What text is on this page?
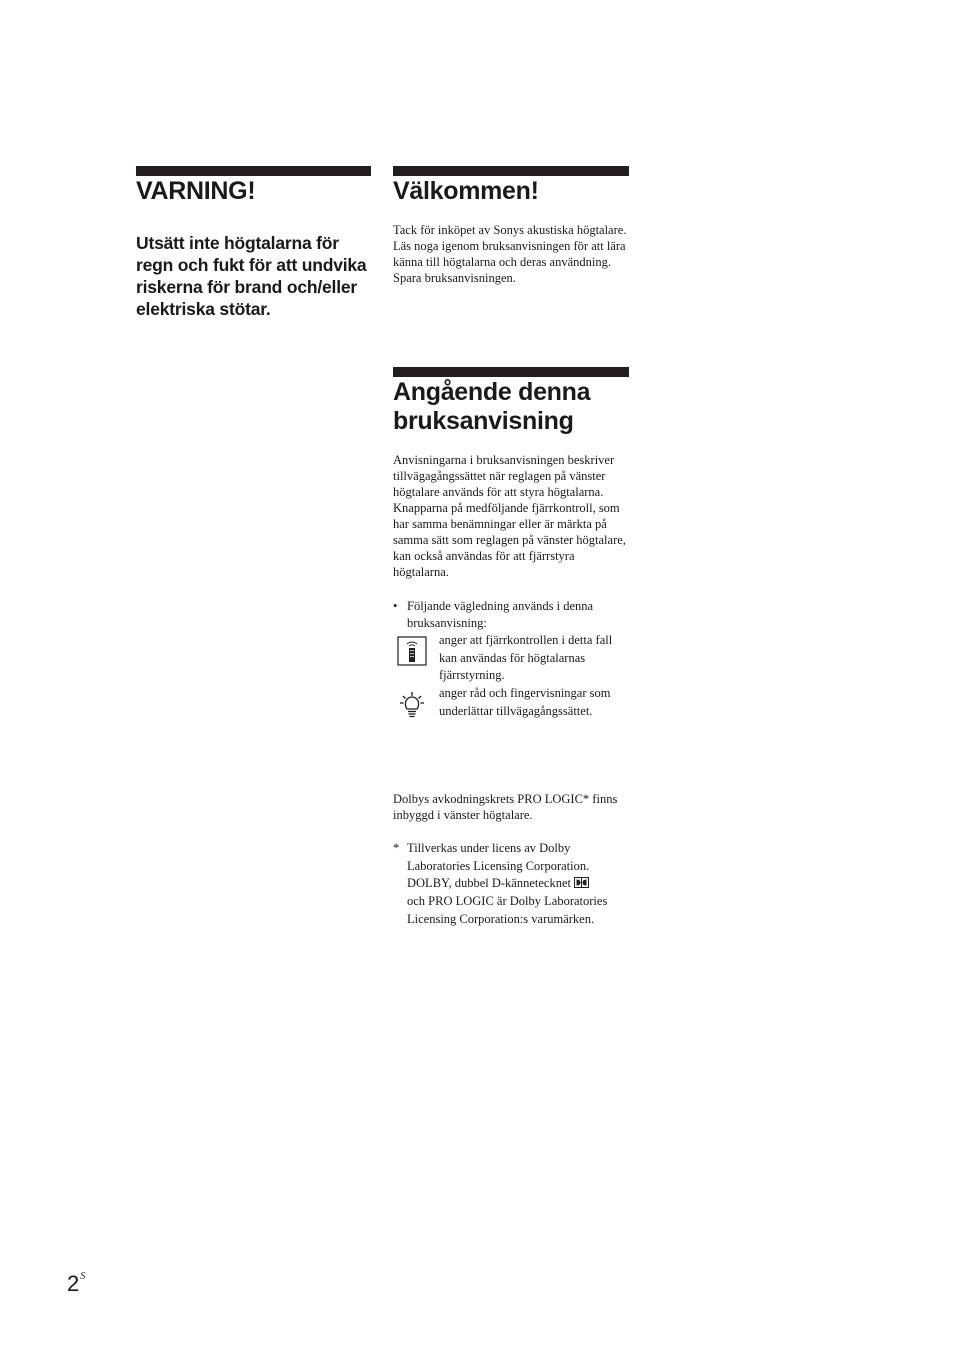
VARNING!

Utsätt inte högtalarna för regn och fukt för att undvika riskerna för brand och/eller elektriska stötar.

Välkommen!

Tack för inköpet av Sonys akustiska högtalare.

Läs noga igenom bruksanvisningen för att lära känna till högtalarna och deras användning. Spara bruksanvisningen.

Angående denna
bruksanvisning

Anvisningarna i bruksanvisningen beskriver tillvägagångssättet när reglagen på vänster högtalare används för att styra högtalarna. Knapparna på medföljande fjärrkontroll, som har samma benämningar eller är märkta på samma sätt som reglagen på vänster högtalare, kan också användas för att fjärrstyra högtalarna.

• Följande vägledning används i denna bruksanvisning:
anger att fjärrkontrollen i detta fall kan användas för högtalarnas fjärrstyrning.
anger råd och fingervisningar som underlättar tillvägagångssättet.

Dolbys avkodningskrets PRO LOGIC* finns inbyggd i vänster högtalare.

* Tillverkas under licens av Dolby Laboratories Licensing Corporation. DOLBY, dubbel D-kännetecknet
och PRO LOGIC är Dolby Laboratories Licensing Corporation:s varumärken.
$2^S$
